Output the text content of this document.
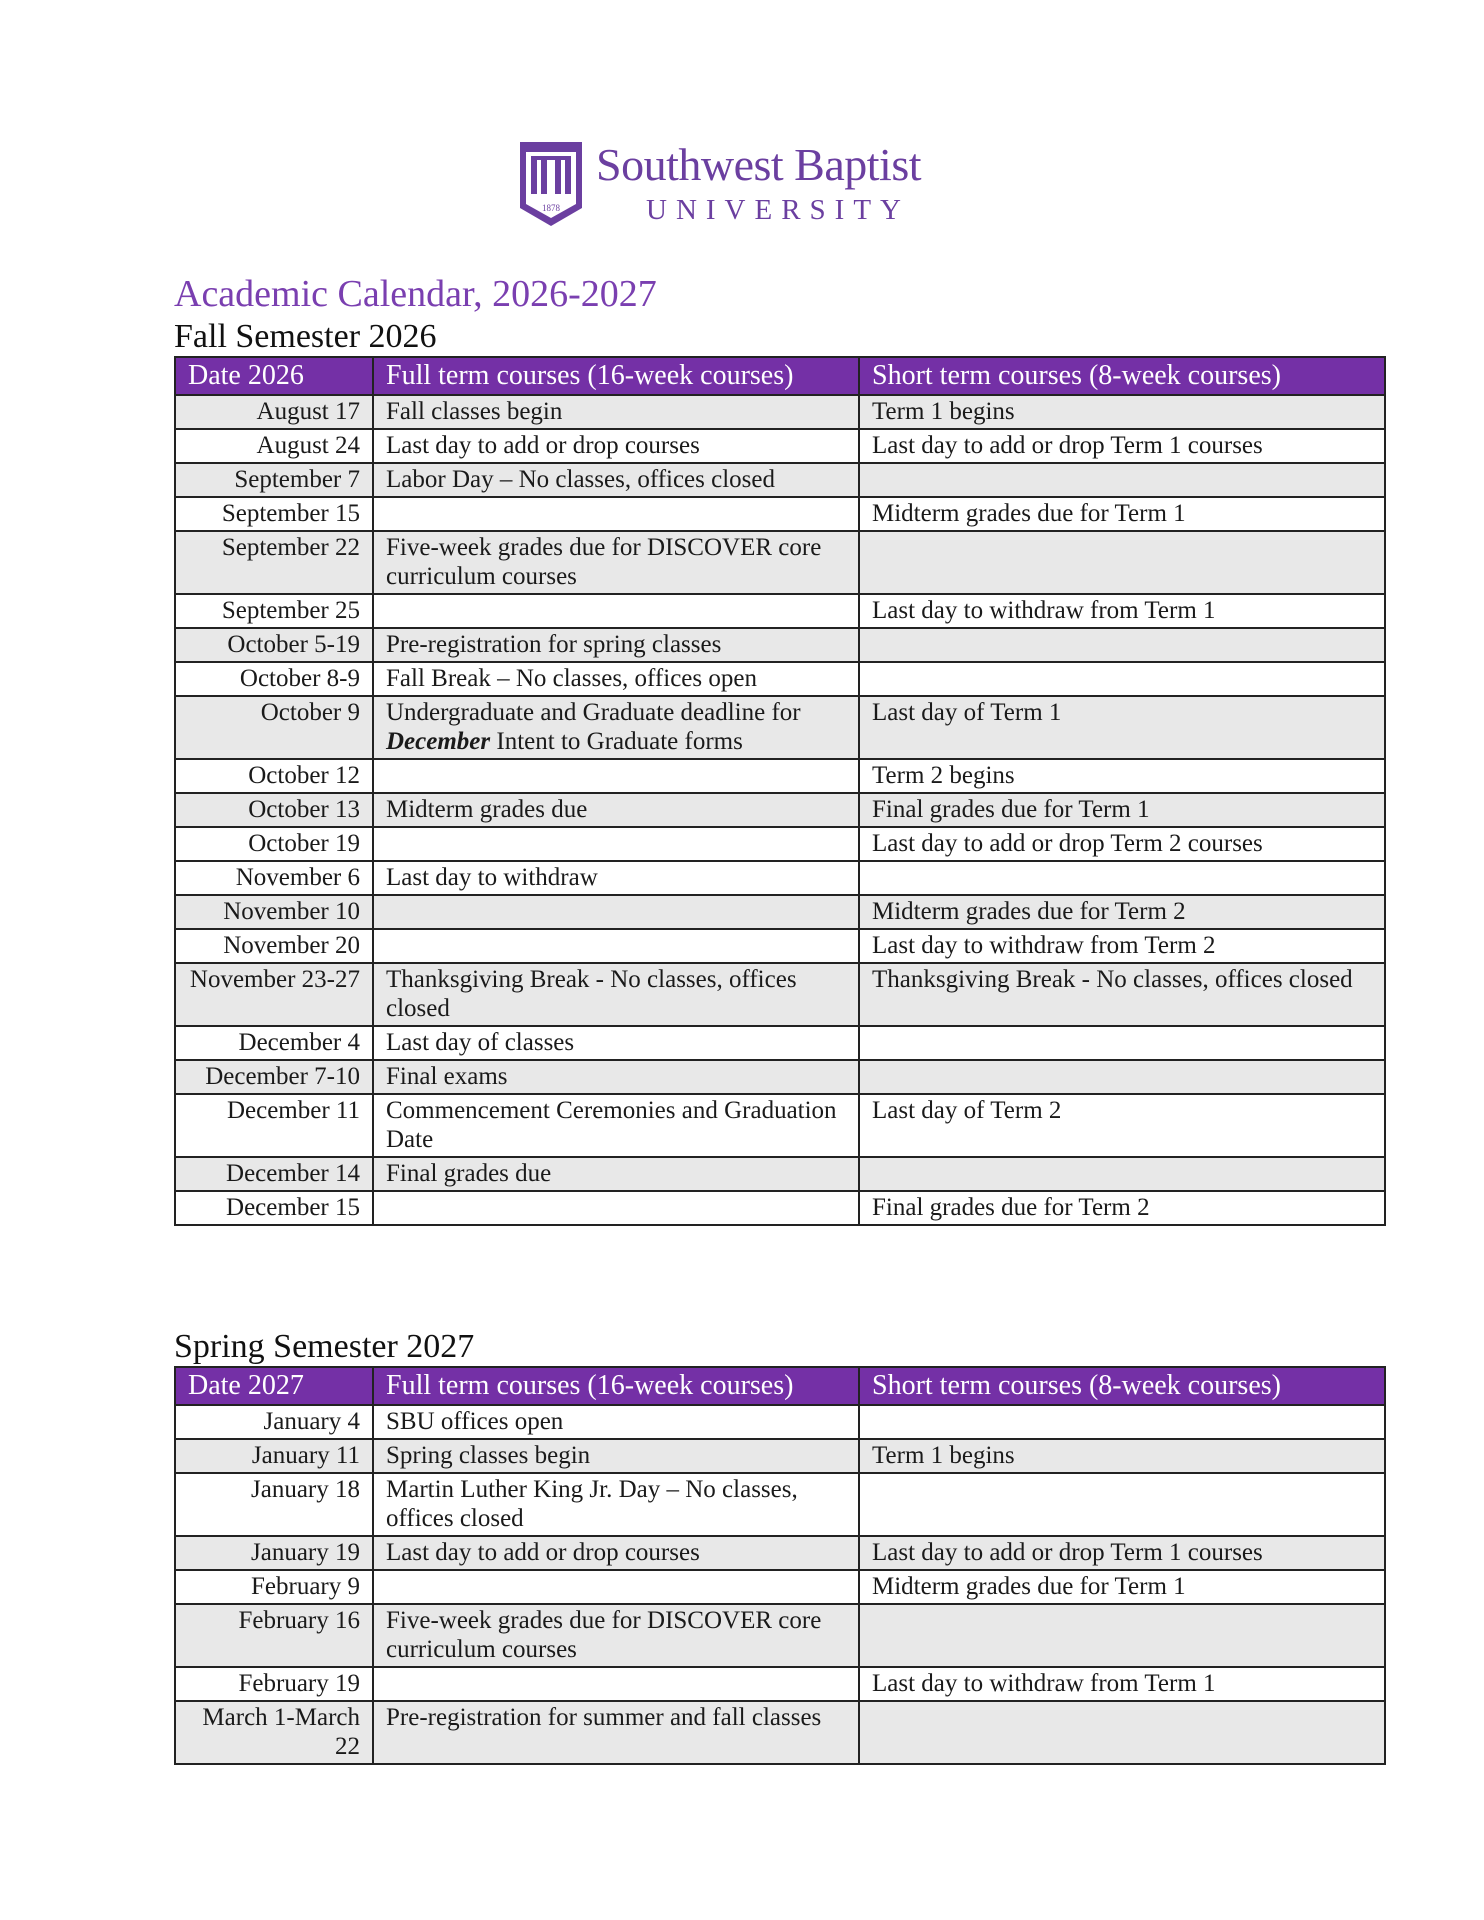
1878
Southwest Baptist
UNIVERSITY
Academic Calendar, 2026-2027
Fall Semester 2026
Date 2026	Full term courses (16-week courses)	Short term courses (8-week courses)
August 17	Fall classes begin	Term 1 begins
August 24	Last day to add or drop courses	Last day to add or drop Term 1 courses
September 7	Labor Day – No classes, offices closed	
September 15		Midterm grades due for Term 1
September 22	Five-week grades due for DISCOVER core curriculum courses	
September 25		Last day to withdraw from Term 1
October 5-19	Pre-registration for spring classes	
October 8-9	Fall Break – No classes, offices open	
October 9	Undergraduate and Graduate deadline for December Intent to Graduate forms	Last day of Term 1
October 12		Term 2 begins
October 13	Midterm grades due	Final grades due for Term 1
October 19		Last day to add or drop Term 2 courses
November 6	Last day to withdraw	
November 10		Midterm grades due for Term 2
November 20		Last day to withdraw from Term 2
November 23-27	Thanksgiving Break - No classes, offices closed	Thanksgiving Break - No classes, offices closed
December 4	Last day of classes	
December 7-10	Final exams	
December 11	Commencement Ceremonies and Graduation Date	Last day of Term 2
December 14	Final grades due	
December 15		Final grades due for Term 2
Spring Semester 2027
Date 2027	Full term courses (16-week courses)	Short term courses (8-week courses)
January 4	SBU offices open	
January 11	Spring classes begin	Term 1 begins
January 18	Martin Luther King Jr. Day – No classes, offices closed	
January 19	Last day to add or drop courses	Last day to add or drop Term 1 courses
February 9		Midterm grades due for Term 1
February 16	Five-week grades due for DISCOVER core curriculum courses	
February 19		Last day to withdraw from Term 1
March 1-March 22	Pre-registration for summer and fall classes	
